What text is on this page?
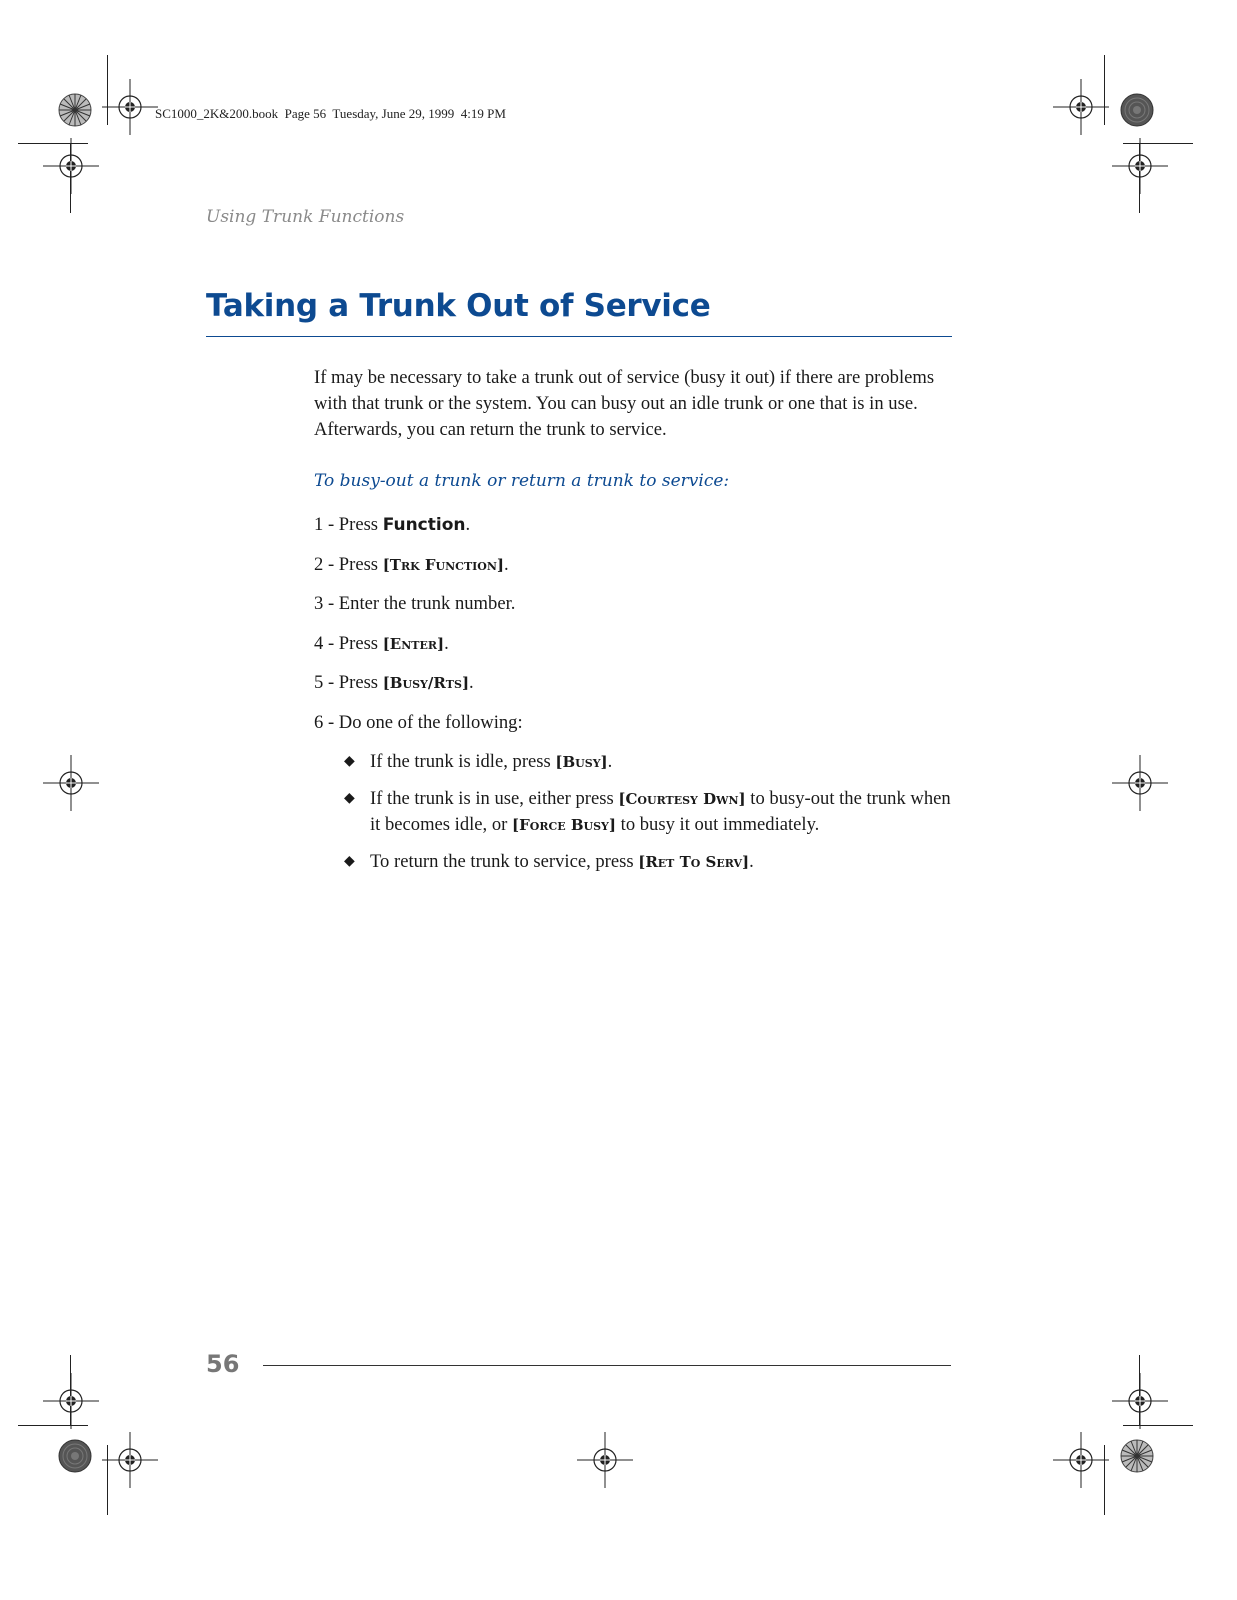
SC1000_2K&200.book  Page 56  Tuesday, June 29, 1999  4:19 PM
Using Trunk Functions
Taking a Trunk Out of Service
If may be necessary to take a trunk out of service (busy it out) if there are problems with that trunk or the system. You can busy out an idle trunk or one that is in use. Afterwards, you can return the trunk to service.
To busy-out a trunk or return a trunk to service:
1 - Press Function.
2 - Press [Trk Function].
3 - Enter the trunk number.
4 - Press [Enter].
5 - Press [Busy/Rts].
6 - Do one of the following:
◆ If the trunk is idle, press [Busy].
◆ If the trunk is in use, either press [Courtesy Dwn] to busy-out the trunk when it becomes idle, or [Force Busy] to busy it out immediately.
◆ To return the trunk to service, press [Ret To Serv].
56
